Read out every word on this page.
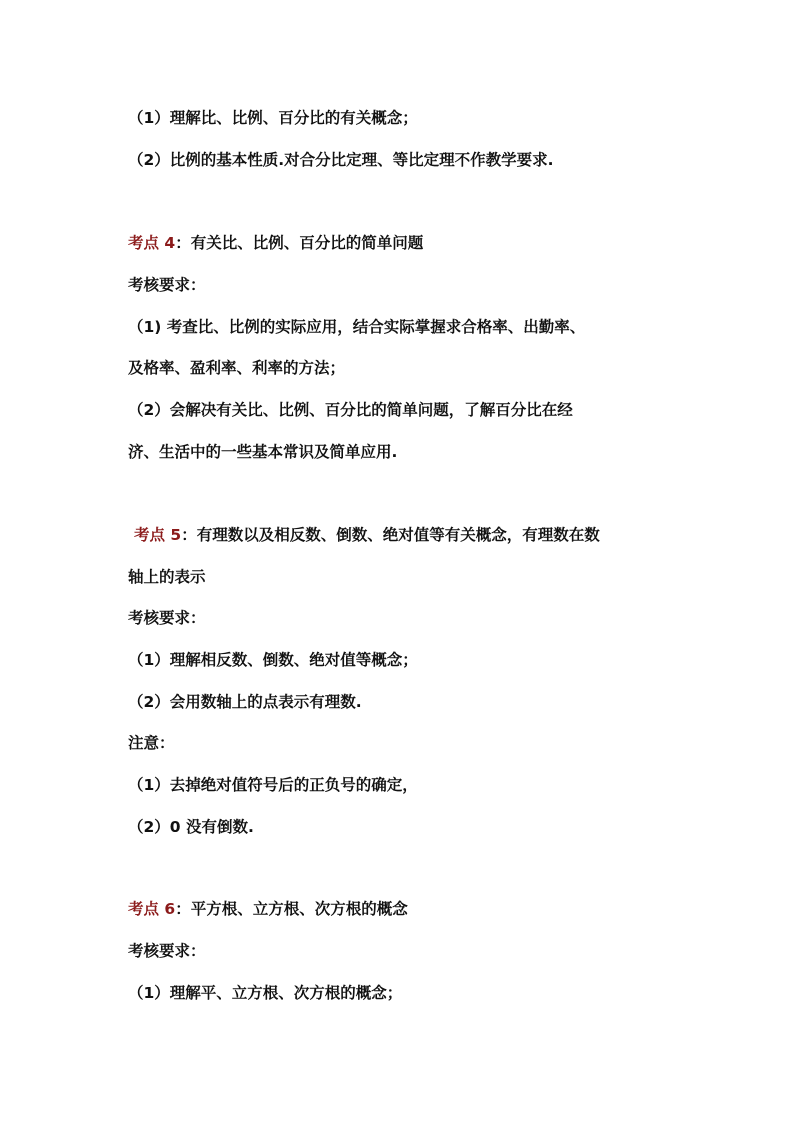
（1）理解比、比例、百分比的有关概念；
（2）比例的基本性质.对合分比定理、等比定理不作教学要求.
考点 4：有关比、比例、百分比的简单问题
考核要求：
（1) 考查比、比例的实际应用，结合实际掌握求合格率、出勤率、
及格率、盈利率、利率的方法；
（2）会解决有关比、比例、百分比的简单问题，了解百分比在经
济、生活中的一些基本常识及简单应用.
考点 5：有理数以及相反数、倒数、绝对值等有关概念，有理数在数
轴上的表示
考核要求：
（1）理解相反数、倒数、绝对值等概念；
（2）会用数轴上的点表示有理数.
注意：
（1）去掉绝对值符号后的正负号的确定，
（2）0 没有倒数.
考点 6：平方根、立方根、次方根的概念
考核要求：
（1）理解平、立方根、次方根的概念；
